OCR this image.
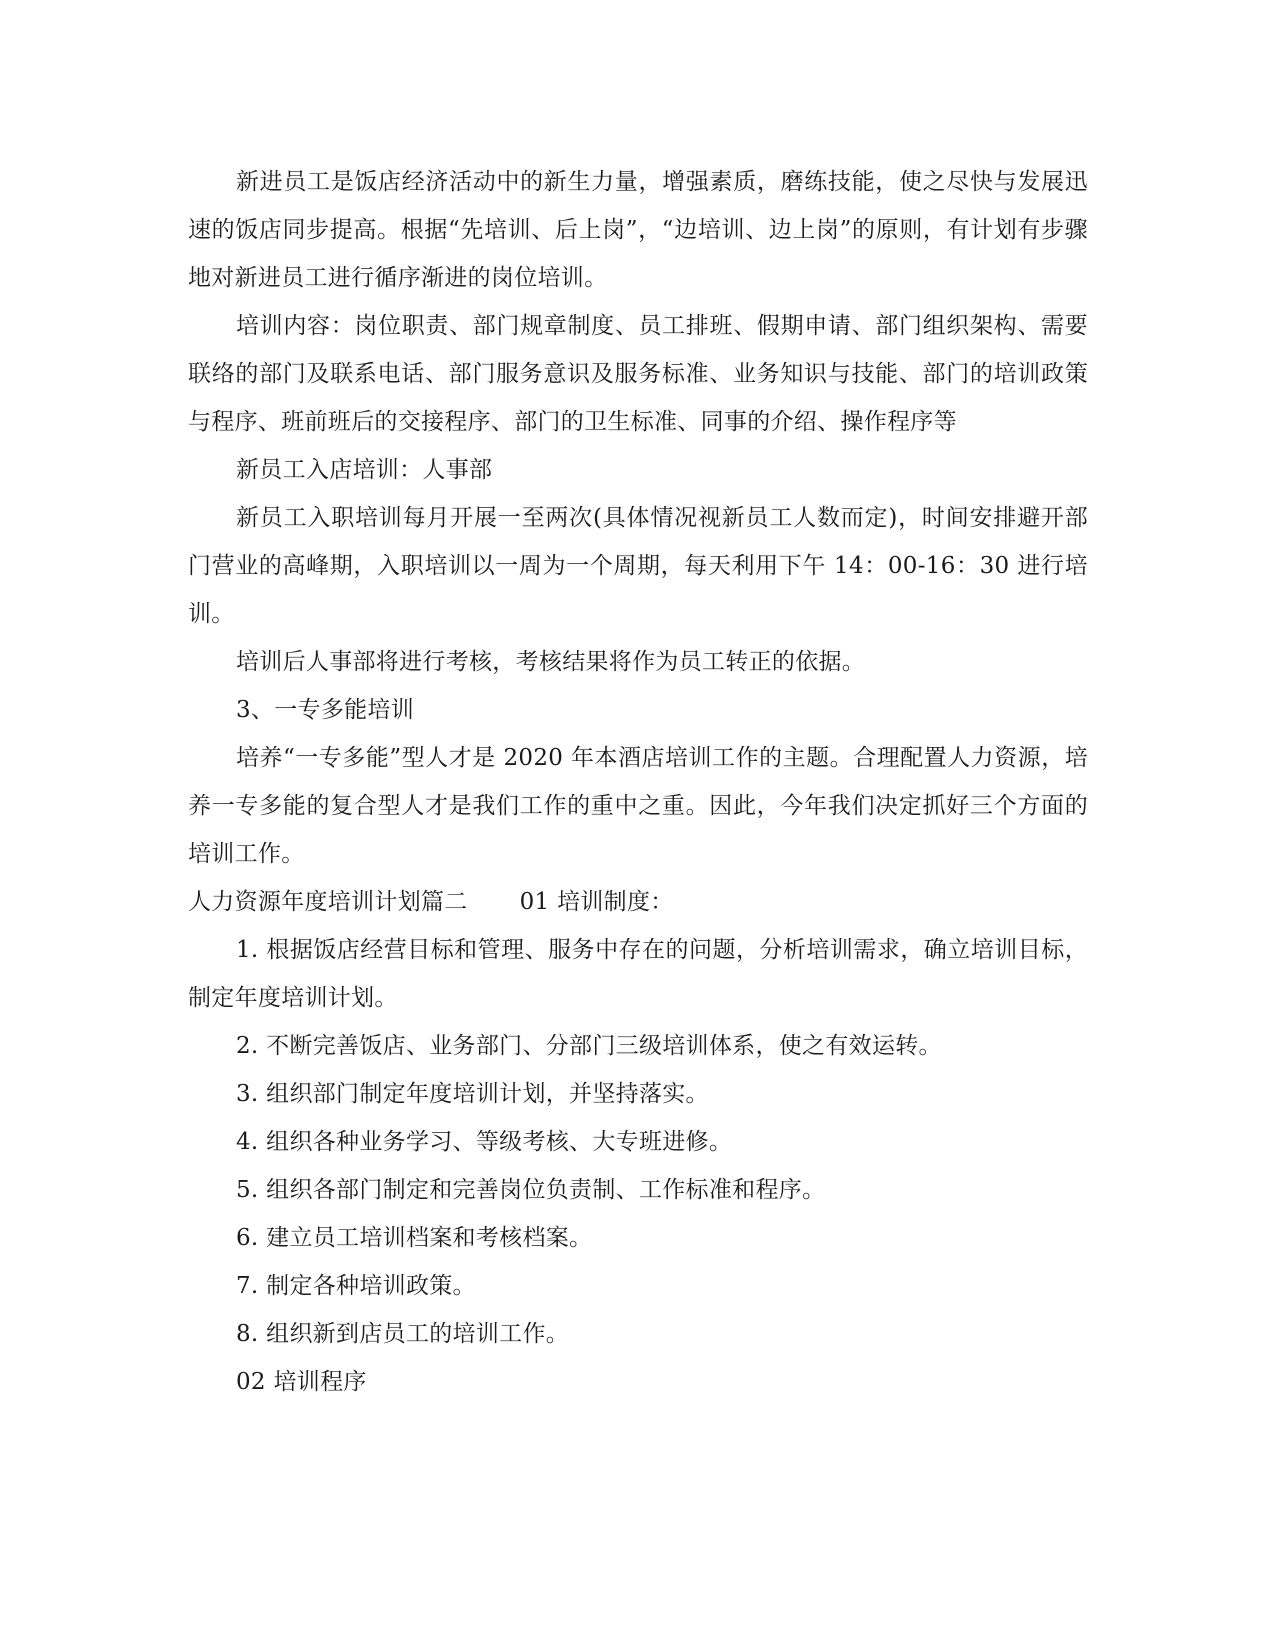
新进员工是饭店经济活动中的新生力量，增强素质，磨练技能，使之尽快与发展迅速的饭店同步提高。根据“先培训、后上岗”，“边培训、边上岗”的原则，有计划有步骤地对新进员工进行循序渐进的岗位培训。

培训内容：岗位职责、部门规章制度、员工排班、假期申请、部门组织架构、需要联络的部门及联系电话、部门服务意识及服务标准、业务知识与技能、部门的培训政策与程序、班前班后的交接程序、部门的卫生标准、同事的介绍、操作程序等

新员工入店培训：人事部

新员工入职培训每月开展一至两次(具体情况视新员工人数而定)，时间安排避开部门营业的高峰期，入职培训以一周为一个周期，每天利用下午 14：00-16：30 进行培训。

培训后人事部将进行考核，考核结果将作为员工转正的依据。

3、一专多能培训

培养“一专多能”型人才是 2020 年本酒店培训工作的主题。合理配置人力资源，培养一专多能的复合型人才是我们工作的重中之重。因此，今年我们决定抓好三个方面的培训工作。

人力资源年度培训计划篇二 01 培训制度：

1. 根据饭店经营目标和管理、服务中存在的问题，分析培训需求，确立培训目标，制定年度培训计划。

2. 不断完善饭店、业务部门、分部门三级培训体系，使之有效运转。

3. 组织部门制定年度培训计划，并坚持落实。

4. 组织各种业务学习、等级考核、大专班进修。

5. 组织各部门制定和完善岗位负责制、工作标准和程序。

6. 建立员工培训档案和考核档案。

7. 制定各种培训政策。

8. 组织新到店员工的培训工作。

02 培训程序
